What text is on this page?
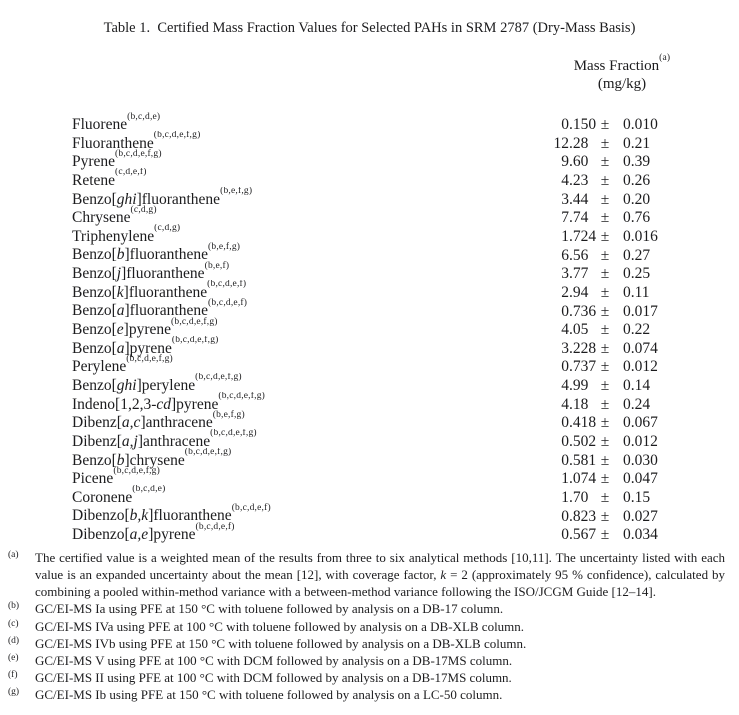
Table 1.  Certified Mass Fraction Values for Selected PAHs in SRM 2787 (Dry-Mass Basis)
Mass Fraction$^{(a)}$
(mg/kg)
Fluorene$^{(b,c,d,e)}$	0 .150 ± 0.010
Fluoranthene$^{(b,c,d,e,f,g)}$	12 .28 ± 0.21
Pyrene$^{(b,c,d,e,f,g)}$	9 .60 ± 0.39
Retene$^{(c,d,e,f)}$	4 .23 ± 0.26
Benzo[ghi]fluoranthene$^{(b,e,f,g)}$	3 .44 ± 0.20
Chrysene$^{(c,d,g)}$	7 .74 ± 0.76
Triphenylene$^{(c,d,g)}$	1 .724 ± 0.016
Benzo[b]fluoranthene$^{(b,e,f,g)}$	6 .56 ± 0.27
Benzo[j]fluoranthene$^{(b,e,f)}$	3 .77 ± 0.25
Benzo[k]fluoranthene$^{(b,c,d,e,f)}$	2 .94 ± 0.11
Benzo[a]fluoranthene$^{(b,c,d,e,f)}$	0 .736 ± 0.017
Benzo[e]pyrene$^{(b,c,d,e,f,g)}$	4 .05 ± 0.22
Benzo[a]pyrene$^{(b,c,d,e,f,g)}$	3 .228 ± 0.074
Perylene$^{(b,c,d,e,f,g)}$	0 .737 ± 0.012
Benzo[ghi]perylene$^{(b,c,d,e,f,g)}$	4 .99 ± 0.14
Indeno[1,2,3-cd]pyrene$^{(b,c,d,e,f,g)}$	4 .18 ± 0.24
Dibenz[a,c]anthracene$^{(b,e,f,g)}$	0 .418 ± 0.067
Dibenz[a,j]anthracene$^{(b,c,d,e,f,g)}$	0 .502 ± 0.012
Benzo[b]chrysene$^{(b,c,d,e,f,g)}$	0 .581 ± 0.030
Picene$^{(b,c,d,e,f,g)}$	1 .074 ± 0.047
Coronene$^{(b,c,d,e)}$	1 .70 ± 0.15
Dibenzo[b,k]fluoranthene$^{(b,c,d,e,f)}$	0 .823 ± 0.027
Dibenzo[a,e]pyrene$^{(b,c,d,e,f)}$	0 .567 ± 0.034
$^{(a)}$	The certified value is a weighted mean of the results from three to six analytical methods [10,11]. The uncertainty listed with each value is an expanded uncertainty about the mean [12], with coverage factor, k = 2 (approximately 95 % confidence), calculated by combining a pooled within-method variance with a between-method variance following the ISO/JCGM Guide [12–14].
$^{(b)}$	GC/EI-MS Ia using PFE at 150 °C with toluene followed by analysis on a DB-17 column.
$^{(c)}$	GC/EI-MS IVa using PFE at 100 °C with toluene followed by analysis on a DB-XLB column.
$^{(d)}$	GC/EI-MS IVb using PFE at 150 °C with toluene followed by analysis on a DB-XLB column.
$^{(e)}$	GC/EI-MS V using PFE at 100 °C with DCM followed by analysis on a DB-17MS column.
$^{(f)}$	GC/EI-MS II using PFE at 100 °C with DCM followed by analysis on a DB-17MS column.
$^{(g)}$	GC/EI-MS Ib using PFE at 150 °C with toluene followed by analysis on a LC-50 column.
